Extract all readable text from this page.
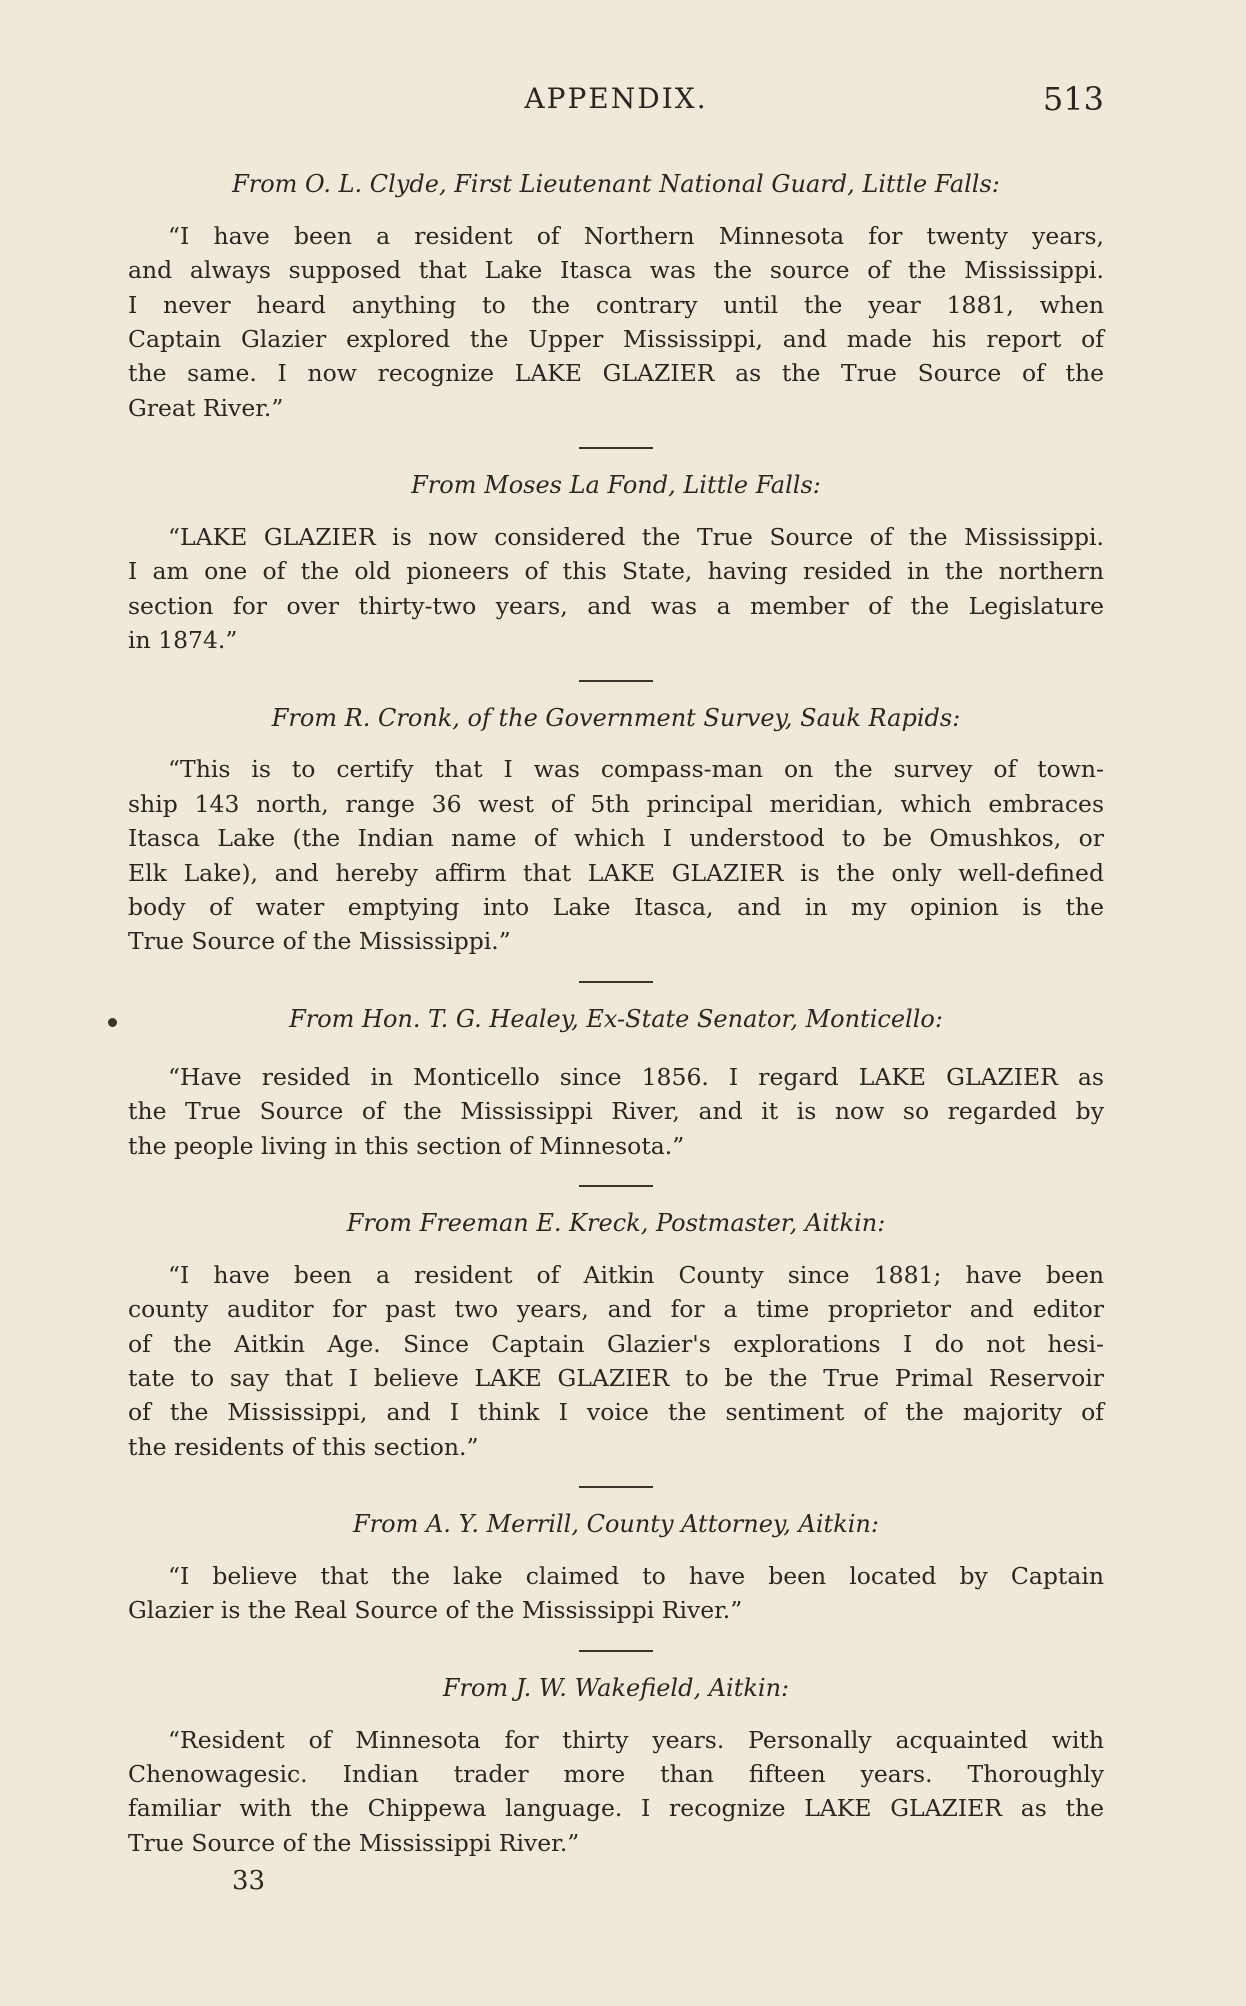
APPENDIX.	513

From O. L. Clyde, First Lieutenant National Guard, Little Falls:

“I have been a resident of Northern Minnesota for twenty years,
and always supposed that Lake Itasca was the source of the Mississippi.
I never heard anything to the contrary until the year 1881, when
Captain Glazier explored the Upper Mississippi, and made his report of
the same. I now recognize LAKE GLAZIER as the True Source of the
Great River.”

From Moses La Fond, Little Falls:

“LAKE GLAZIER is now considered the True Source of the Mississippi.
I am one of the old pioneers of this State, having resided in the northern
section for over thirty-two years, and was a member of the Legislature
in 1874.”

From R. Cronk, of the Government Survey, Sauk Rapids:

“This is to certify that I was compass-man on the survey of town-
ship 143 north, range 36 west of 5th principal meridian, which embraces
Itasca Lake (the Indian name of which I understood to be Omushkos, or
Elk Lake), and hereby affirm that LAKE GLAZIER is the only well-defined
body of water emptying into Lake Itasca, and in my opinion is the
True Source of the Mississippi.”

From Hon. T. G. Healey, Ex-State Senator, Monticello:

“Have resided in Monticello since 1856. I regard LAKE GLAZIER as
the True Source of the Mississippi River, and it is now so regarded by
the people living in this section of Minnesota.”

From Freeman E. Kreck, Postmaster, Aitkin:

“I have been a resident of Aitkin County since 1881; have been
county auditor for past two years, and for a time proprietor and editor
of the Aitkin Age. Since Captain Glazier's explorations I do not hesi-
tate to say that I believe LAKE GLAZIER to be the True Primal Reservoir
of the Mississippi, and I think I voice the sentiment of the majority of
the residents of this section.”

From A. Y. Merrill, County Attorney, Aitkin:

“I believe that the lake claimed to have been located by Captain
Glazier is the Real Source of the Mississippi River.”

From J. W. Wakefield, Aitkin:

“Resident of Minnesota for thirty years. Personally acquainted with
Chenowagesic. Indian trader more than fifteen years. Thoroughly
familiar with the Chippewa language. I recognize LAKE GLAZIER as the
True Source of the Mississippi River.”

33
